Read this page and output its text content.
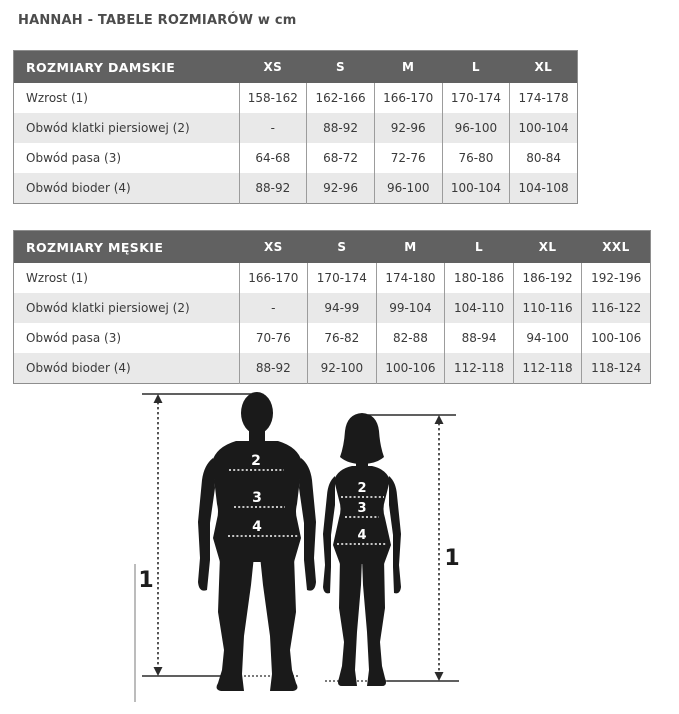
HANNAH - TABELE ROZMIARÓW w cm
ROZMIARY DAMSKIE	XS	S	M	L	XL
Wzrost (1)	158-162	162-166	166-170	170-174	174-178
Obwód klatki piersiowej (2)	-	88-92	92-96	96-100	100-104
Obwód pasa (3)	64-68	68-72	72-76	76-80	80-84
Obwód bioder (4)	88-92	92-96	96-100	100-104	104-108
ROZMIARY MĘSKIE	XS	S	M	L	XL	XXL
Wzrost (1)	166-170	170-174	174-180	180-186	186-192	192-196
Obwód klatki piersiowej (2)	-	94-99	99-104	104-110	110-116	116-122
Obwód pasa (3)	70-76	76-82	82-88	88-94	94-100	100-106
Obwód bioder (4)	88-92	92-100	100-106	112-118	112-118	118-124
1
1
2
3
4
2
3
4
